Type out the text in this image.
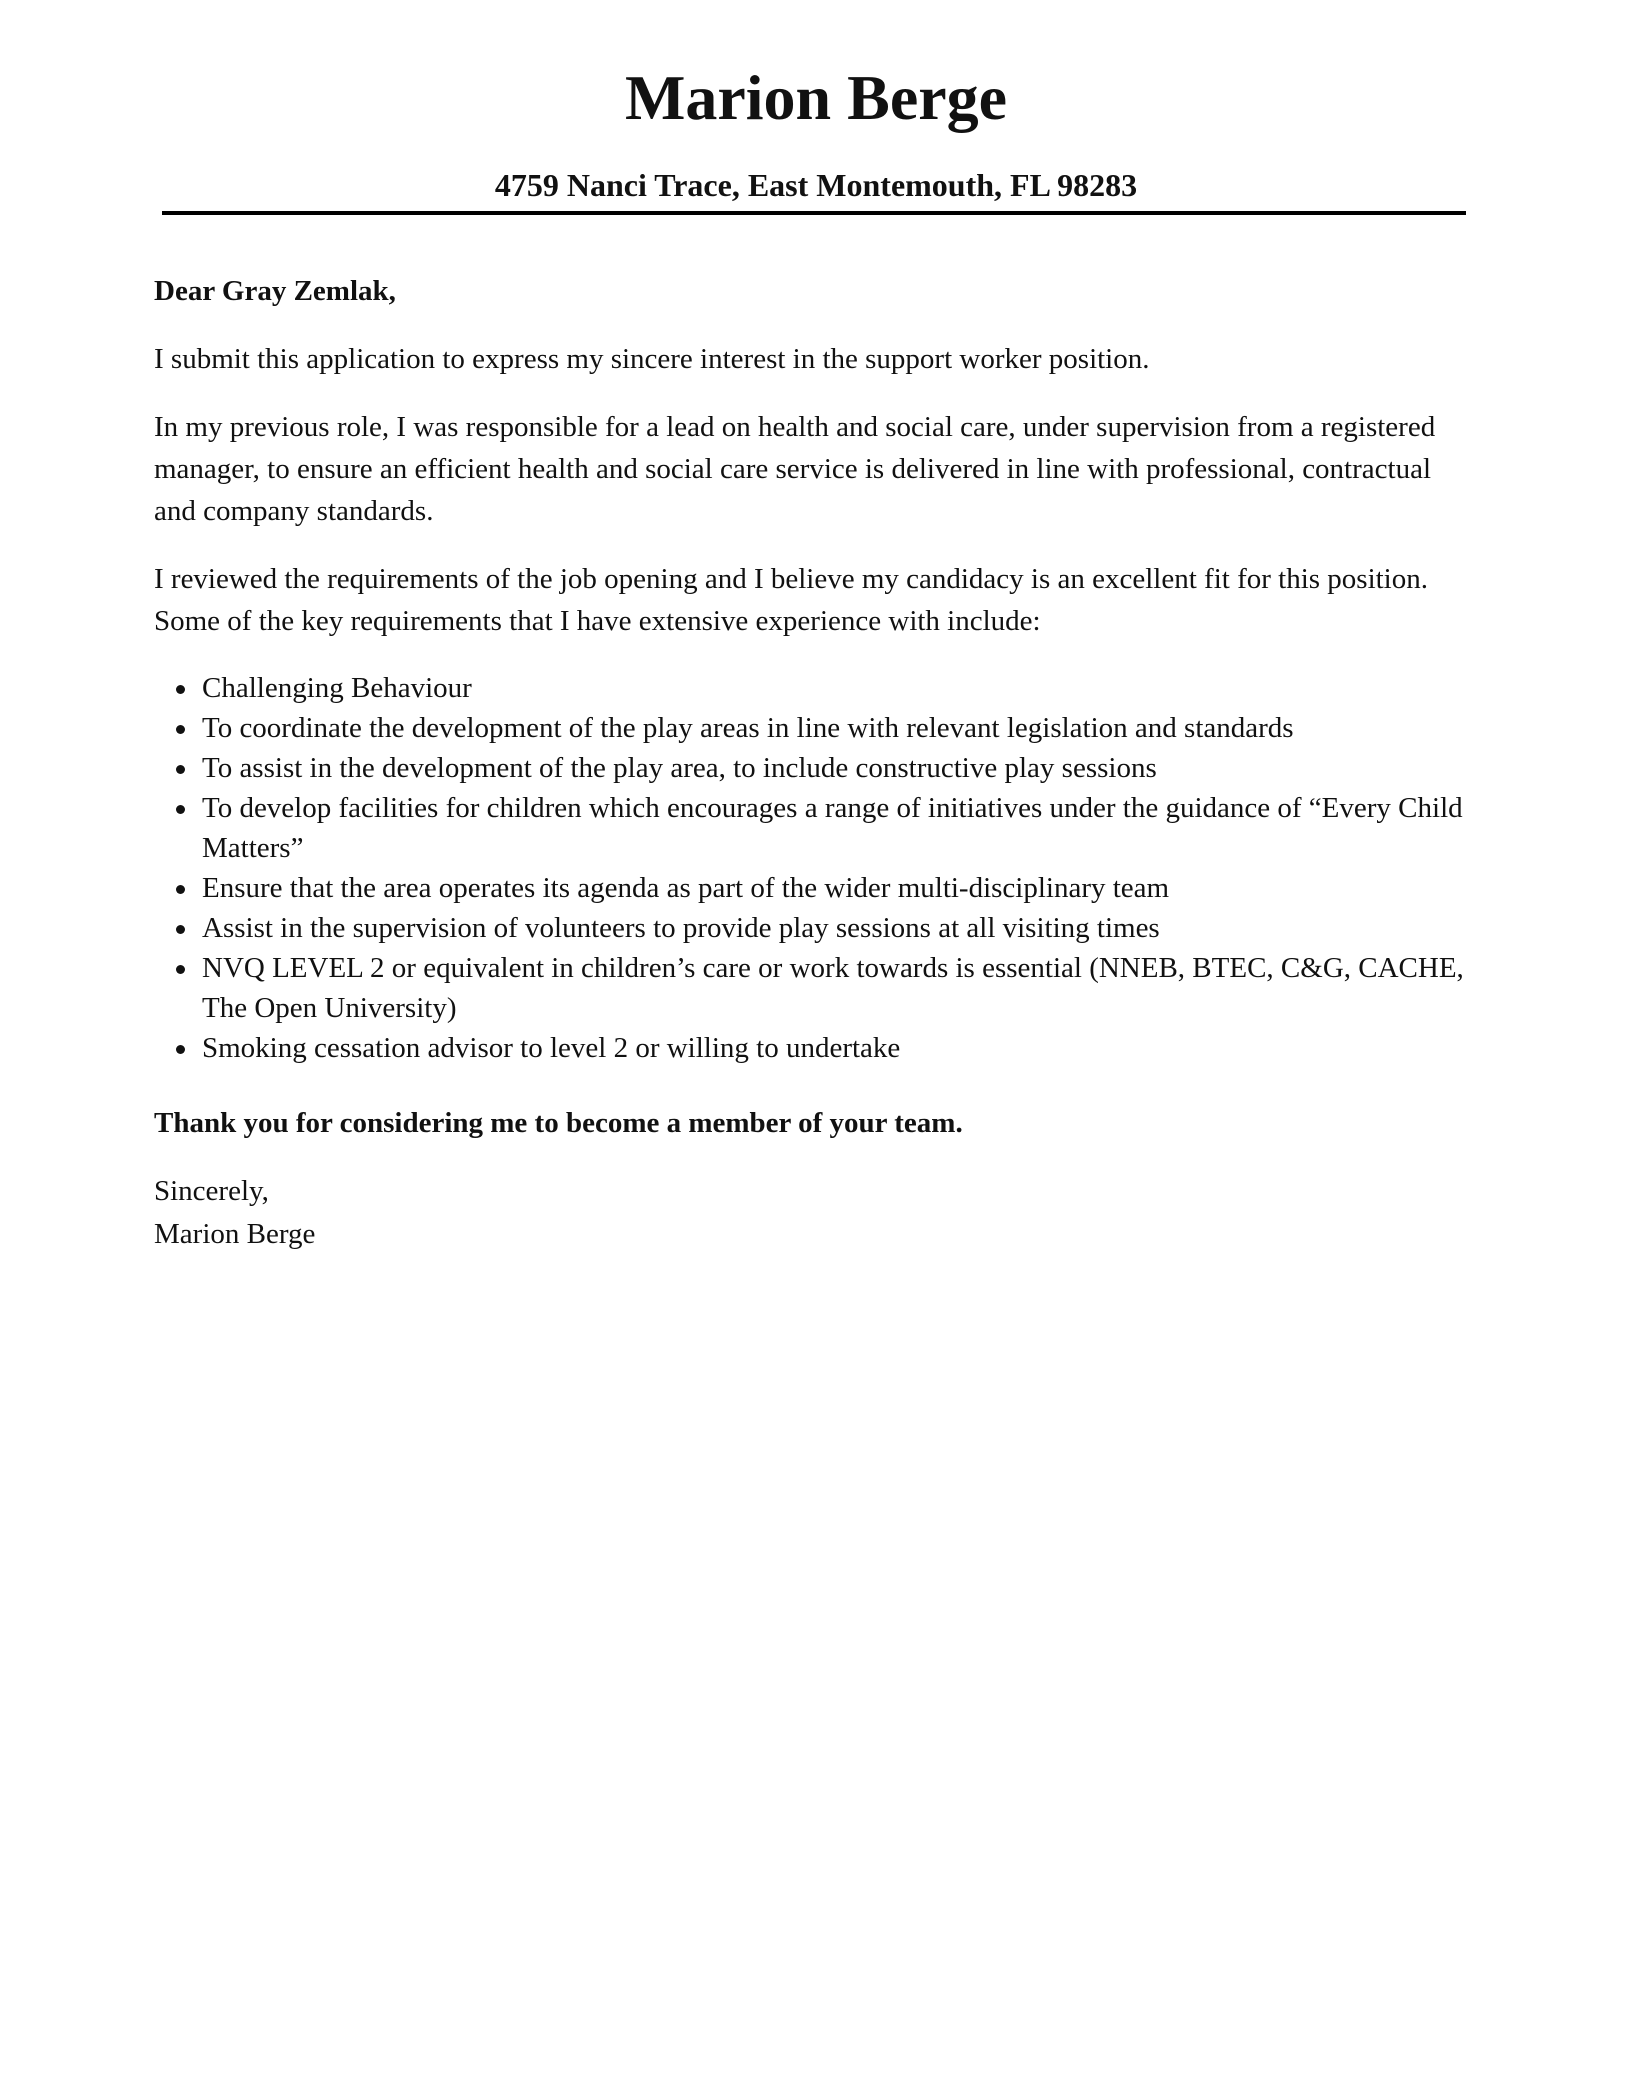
Marion Berge
4759 Nanci Trace, East Montemouth, FL 98283

Dear Gray Zemlak,

I submit this application to express my sincere interest in the support worker position.

In my previous role, I was responsible for a lead on health and social care, under supervision from a registered manager, to ensure an efficient health and social care service is delivered in line with professional, contractual and company standards.

I reviewed the requirements of the job opening and I believe my candidacy is an excellent fit for this position. Some of the key requirements that I have extensive experience with include:

Challenging Behaviour
To coordinate the development of the play areas in line with relevant legislation and standards
To assist in the development of the play area, to include constructive play sessions
To develop facilities for children which encourages a range of initiatives under the guidance of “Every Child Matters”
Ensure that the area operates its agenda as part of the wider multi-disciplinary team
Assist in the supervision of volunteers to provide play sessions at all visiting times
NVQ LEVEL 2 or equivalent in children’s care or work towards is essential (NNEB, BTEC, C&G, CACHE, The Open University)
Smoking cessation advisor to level 2 or willing to undertake

Thank you for considering me to become a member of your team.

Sincerely,
Marion Berge
